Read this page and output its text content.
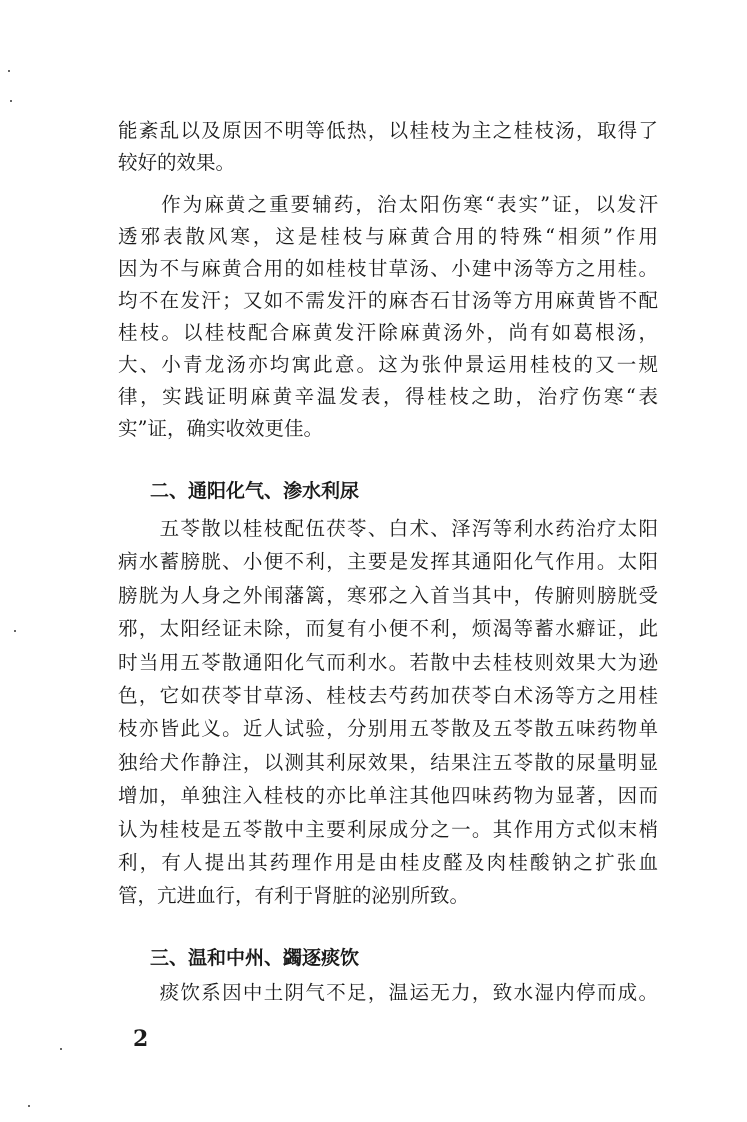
能紊乱以及原因不明等低热，以桂枝为主之桂枝汤，取得了
较好的效果。
　　作为麻黄之重要辅药，治太阳伤寒“表实”证，以发汗
透邪表散风寒，这是桂枝与麻黄合用的特殊“相须”作用
因为不与麻黄合用的如桂枝甘草汤、小建中汤等方之用桂。
均不在发汗；又如不需发汗的麻杏石甘汤等方用麻黄皆不配
桂枝。以桂枝配合麻黄发汗除麻黄汤外，尚有如葛根汤，
大、小青龙汤亦均寓此意。这为张仲景运用桂枝的又一规
律，实践证明麻黄辛温发表，得桂枝之助，治疗伤寒“表
实”证，确实收效更佳。
二、通阳化气、渗水利尿
　　五苓散以桂枝配伍茯苓、白术、泽泻等利水药治疗太阳
病水蓄膀胱、小便不利，主要是发挥其通阳化气作用。太阳
膀胱为人身之外闱藩篱，寒邪之入首当其中，传腑则膀胱受
邪，太阳经证未除，而复有小便不利，烦渴等蓄水癖证，此
时当用五苓散通阳化气而利水。若散中去桂枝则效果大为逊
色，它如茯苓甘草汤、桂枝去芍药加茯苓白术汤等方之用桂
枝亦皆此义。近人试验，分别用五苓散及五苓散五味药物单
独给犬作静注，以测其利尿效果，结果注五苓散的尿量明显
增加，单独注入桂枝的亦比单注其他四味药物为显著，因而
认为桂枝是五苓散中主要利尿成分之一。其作用方式似末梢
利，有人提出其药理作用是由桂皮醛及肉桂酸钠之扩张血
管，亢进血行，有利于肾脏的泌别所致。
三、温和中州、蠲逐痰饮
　　痰饮系因中土阴气不足，温运无力，致水湿内停而成。
2
